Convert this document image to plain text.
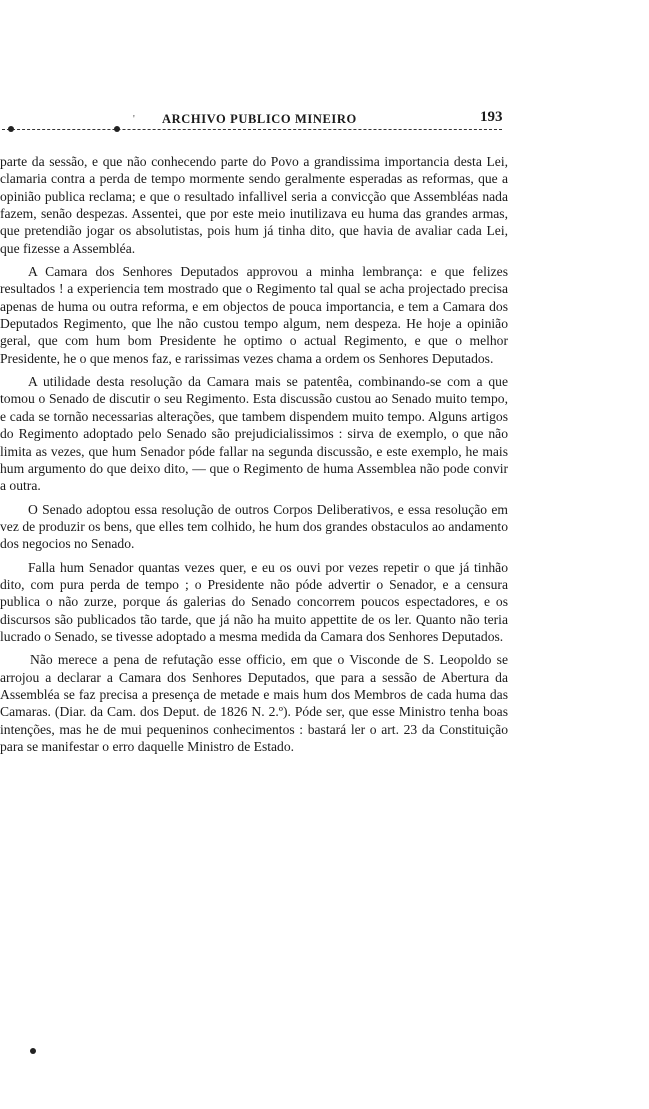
' ARCHIVO PUBLICO MINEIRO	193

parte da sessão, e que não conhecendo parte do Povo a grandissima importancia desta Lei, clamaria contra a perda de tempo mormente sendo geralmente esperadas as reformas, que a opinião publica reclama; e que o resultado infallivel seria a convicção que Assembléas nada fazem, senão despezas. Assentei, que por este meio inutilizava eu huma das grandes armas, que pretendião jogar os absolutistas, pois hum já tinha dito, que havia de avaliar cada Lei, que fizesse a Assembléa.

A Camara dos Senhores Deputados approvou a minha lembrança: e que felizes resultados ! a experiencia tem mostrado que o Regimento tal qual se acha projectado precisa apenas de huma ou outra reforma, e em objectos de pouca importancia, e tem a Camara dos Deputados Regimento, que lhe não custou tempo algum, nem despeza. He hoje a opinião geral, que com hum bom Presidente he optimo o actual Regimento, e que o melhor Presidente, he o que menos faz, e rarissimas vezes chama a ordem os Senhores Deputados.

A utilidade desta resolução da Camara mais se patentêa, combinando-se com a que tomou o Senado de discutir o seu Regimento. Esta discussão custou ao Senado muito tempo, e cada se tornão necessarias alterações, que tambem dispendem muito tempo. Alguns artigos do Regimento adoptado pelo Senado são prejudicialissimos : sirva de exemplo, o que não limita as vezes, que hum Senador póde fallar na segunda discussão, e este exemplo, he mais hum argumento do que deixo dito, — que o Regimento de huma Assemblea não pode convir a outra.

O Senado adoptou essa resolução de outros Corpos Deliberativos, e essa resolução em vez de produzir os bens, que elles tem colhido, he hum dos grandes obstaculos ao andamento dos negocios no Senado.

Falla hum Senador quantas vezes quer, e eu os ouvi por vezes repetir o que já tinhão dito, com pura perda de tempo ; o Presidente não póde advertir o Senador, e a censura publica o não zurze, porque ás galerias do Senado concorrem poucos espectadores, e os discursos são publicados tão tarde, que já não ha muito appettite de os ler. Quanto não teria lucrado o Senado, se tivesse adoptado a mesma medida da Camara dos Senhores Deputados.

Não merece a pena de refutação esse officio, em que o Visconde de S. Leopoldo se arrojou a declarar a Camara dos Senhores Deputados, que para a sessão de Abertura da Assembléa se faz precisa a presença de metade e mais hum dos Membros de cada huma das Camaras. (Diar. da Cam. dos Deput. de 1826 N. 2.º). Póde ser, que esse Ministro tenha boas intenções, mas he de mui pequeninos conhecimentos : bastará ler o art. 23 da Constituição para se manifestar o erro daquelle Ministro de Estado.
